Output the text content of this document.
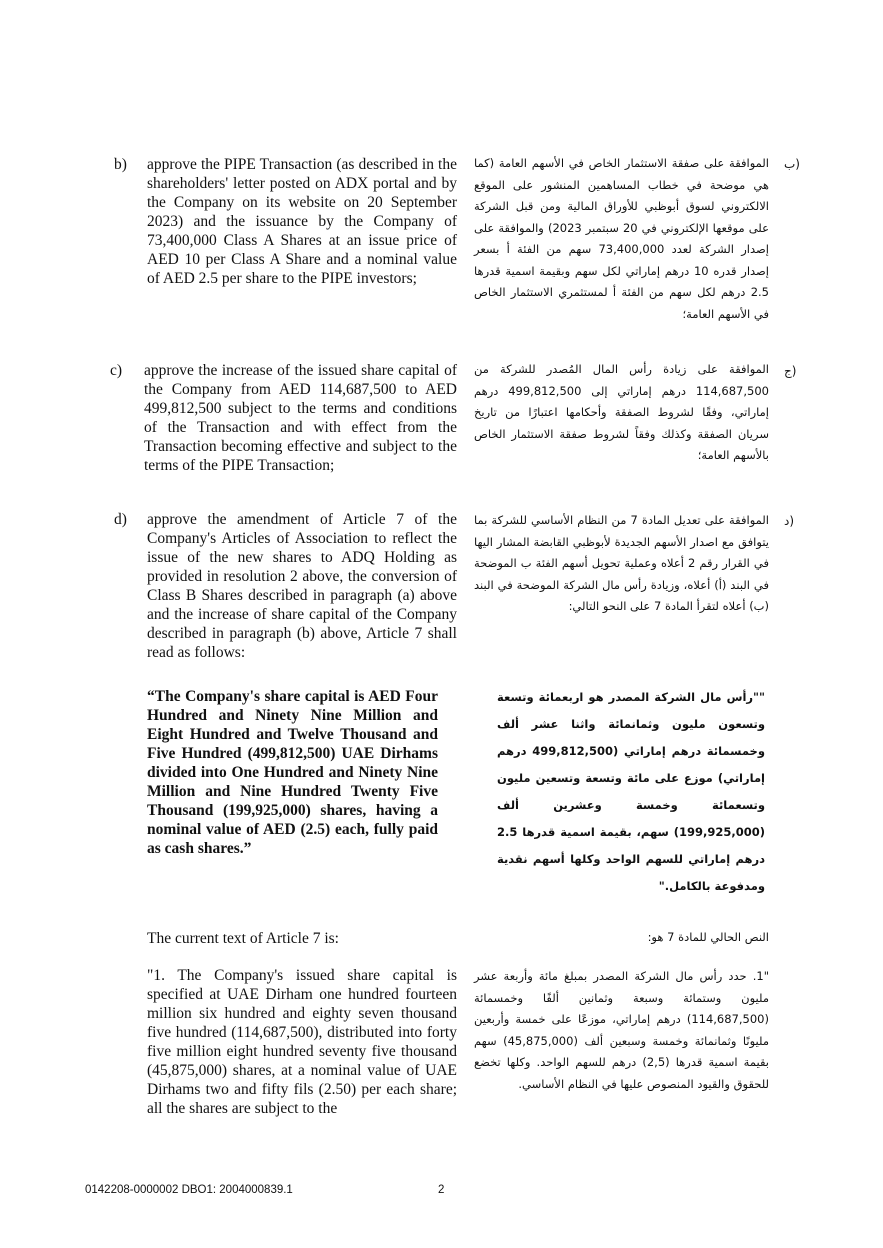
b) approve the PIPE Transaction (as described in the shareholders' letter posted on ADX portal and by the Company on its website on 20 September 2023) and the issuance by the Company of 73,400,000 Class A Shares at an issue price of AED 10 per Class A Share and a nominal value of AED 2.5 per share to the PIPE investors;
ب)
الموافقة على صفقة الاستثمار الخاص في الأسهم العامة (كما هي موضحة في خطاب المساهمين المنشور على الموقع الالكتروني لسوق أبوظبي للأوراق المالية ومن قبل الشركة على موقعها الإلكتروني في 20 سبتمبر 2023) والموافقة على إصدار الشركة لعدد 73,400,000 سهم من الفئة أ بسعر إصدار قدره 10 درهم إماراتي لكل سهم وبقيمة اسمية قدرها 2.5 درهم لكل سهم من الفئة أ لمستثمري الاستثمار الخاص في الأسهم العامة؛
c) approve the increase of the issued share capital of the Company from AED 114,687,500 to AED 499,812,500 subject to the terms and conditions of the Transaction and with effect from the Transaction becoming effective and subject to the terms of the PIPE Transaction;
ج)
الموافقة على زيادة رأس المال المُصدر للشركة من 114,687,500 درهم إماراتي إلى 499,812,500 درهم إماراتي، وفقًا لشروط الصفقة وأحكامها اعتبارًا من تاريخ سريان الصفقة وكذلك وفقاً لشروط صفقة الاستثمار الخاص بالأسهم العامة؛
d) approve the amendment of Article 7 of the Company's Articles of Association to reflect the issue of the new shares to ADQ Holding as provided in resolution 2 above, the conversion of Class B Shares described in paragraph (a) above and the increase of share capital of the Company described in paragraph (b) above, Article 7 shall read as follows:
د)
الموافقة على تعديل المادة 7 من النظام الأساسي للشركة بما يتوافق مع اصدار الأسهم الجديدة لأبوظبي القابضة المشار اليها في القرار رقم 2 أعلاه وعملية تحويل أسهم الفئة ب الموضحة في البند (أ) أعلاه، وزيادة رأس مال الشركة الموضحة في البند (ب) أعلاه لتقرأ المادة 7 على النحو التالي:
“The Company's share capital is AED Four Hundred and Ninety Nine Million and Eight Hundred and Twelve Thousand and Five Hundred (499,812,500) UAE Dirhams divided into One Hundred and Ninety Nine Million and Nine Hundred Twenty Five Thousand (199,925,000) shares, having a nominal value of AED (2.5) each, fully paid as cash shares.”
""رأس مال الشركة المصدر هو اربعمائة وتسعة وتسعون مليون وثمانمائة واثنا عشر ألف وخمسمائة درهم إماراتي (499,812,500 درهم إماراتي) موزع على مائة وتسعة وتسعين مليون وتسعمائة وخمسة وعشرين ألف (199,925,000) سهم، بقيمة اسمية قدرها 2.5 درهم إماراتي للسهم الواحد وكلها أسهم نقدية ومدفوعة بالكامل."
The current text of Article 7 is:	النص الحالي للمادة 7 هو:
"1. The Company's issued share capital is specified at UAE Dirham one hundred fourteen million six hundred and eighty seven thousand five hundred (114,687,500), distributed into forty five million eight hundred seventy five thousand (45,875,000) shares, at a nominal value of UAE Dirhams two and fifty fils (2.50) per each share; all the shares are subject to the
"1. حدد رأس مال الشركة المصدر بمبلغ مائة وأربعة عشر مليون وستمائة وسبعة وثمانين ألفًا وخمسمائة (114,687,500) درهم إماراتي، موزعًا على خمسة وأربعين مليونًا وثمانمائة وخمسة وسبعين ألف (45,875,000) سهم بقيمة اسمية قدرها (2,5) درهم للسهم الواحد. وكلها تخضع للحقوق والقيود المنصوص عليها في النظام الأساسي.
0142208-0000002 DBO1: 2004000839.1	2
